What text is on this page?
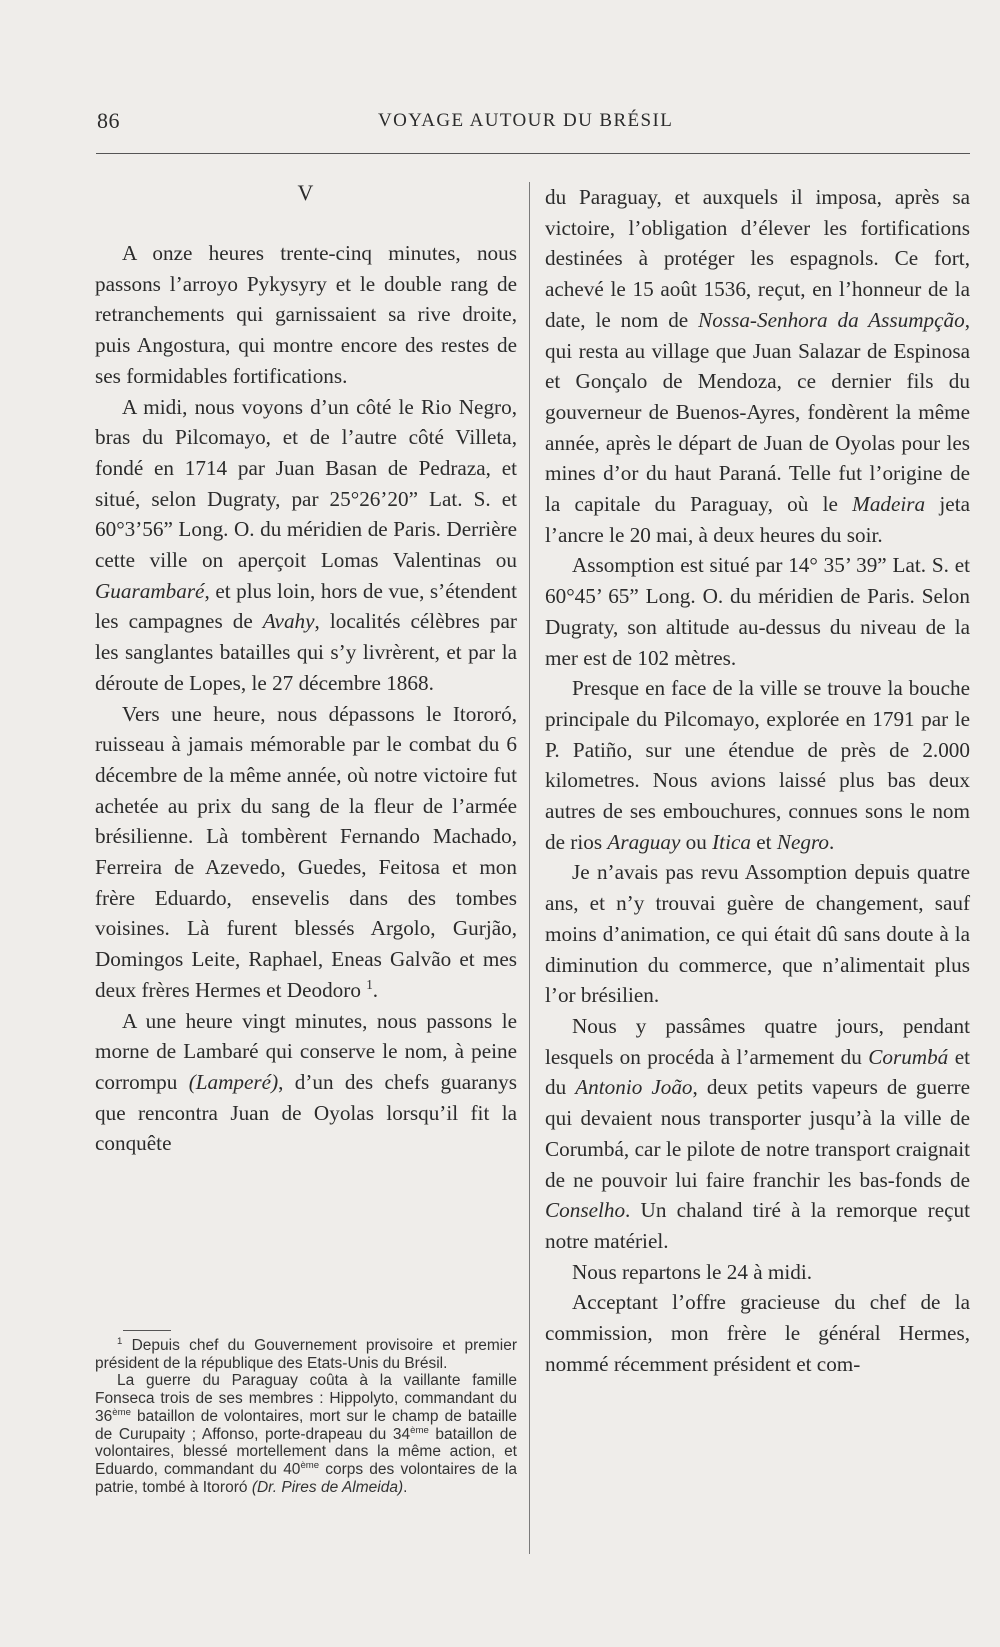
86	VOYAGE AUTOUR DU BRÉSIL
V

A onze heures trente-cinq minutes, nous passons l’arroyo Pykysyry et le double rang de retranchements qui garnissaient sa rive droite, puis Angostura, qui montre encore des restes de ses formidables fortifications.

A midi, nous voyons d’un côté le Rio Negro, bras du Pilcomayo, et de l’autre côté Villeta, fondé en 1714 par Juan Basan de Pedraza, et situé, selon Dugraty, par 25°26’20” Lat. S. et 60°3’56” Long. O. du méridien de Paris. Derrière cette ville on aperçoit Lomas Valentinas ou Guarambaré, et plus loin, hors de vue, s’étendent les campagnes de Avahy, localités célèbres par les sanglantes batailles qui s’y livrèrent, et par la déroute de Lopes, le 27 décembre 1868.

Vers une heure, nous dépassons le Itororó, ruisseau à jamais mémorable par le combat du 6 décembre de la même année, où notre victoire fut achetée au prix du sang de la fleur de l’armée brésilienne. Là tombèrent Fernando Machado, Ferreira de Azevedo, Guedes, Feitosa et mon frère Eduardo, ensevelis dans des tombes voisines. Là furent blessés Argolo, Gurjão, Domingos Leite, Raphael, Eneas Galvão et mes deux frères Hermes et Deodoro $^1$.

A une heure vingt minutes, nous passons le morne de Lambaré qui conserve le nom, à peine corrompu (Lamperé), d’un des chefs guaranys que rencontra Juan de Oyolas lorsqu’il fit la conquête

$^1$ Depuis chef du Gouvernement provisoire et premier président de la république des Etats-Unis du Brésil.

La guerre du Paraguay coûta à la vaillante famille Fonseca trois de ses membres : Hippolyto, commandant du 36ème bataillon de volontaires, mort sur le champ de bataille de Curupaity ; Affonso, porte-drapeau du 34ème bataillon de volontaires, blessé mortellement dans la même action, et Eduardo, commandant du 40ème corps des volontaires de la patrie, tombé à Itororó (Dr. Pires de Almeida).

du Paraguay, et auxquels il imposa, après sa victoire, l’obligation d’élever les fortifications destinées à protéger les espagnols. Ce fort, achevé le 15 août 1536, reçut, en l’honneur de la date, le nom de Nossa-Senhora da Assumpção, qui resta au village que Juan Salazar de Espinosa et Gonçalo de Mendoza, ce dernier fils du gouverneur de Buenos-Ayres, fondèrent la même année, après le départ de Juan de Oyolas pour les mines d’or du haut Paraná. Telle fut l’origine de la capitale du Paraguay, où le Madeira jeta l’ancre le 20 mai, à deux heures du soir.

Assomption est situé par 14° 35’ 39” Lat. S. et 60°45’ 65” Long. O. du méridien de Paris. Selon Dugraty, son altitude au-dessus du niveau de la mer est de 102 mètres.

Presque en face de la ville se trouve la bouche principale du Pilcomayo, explorée en 1791 par le P. Patiño, sur une étendue de près de 2.000 kilometres. Nous avions laissé plus bas deux autres de ses embouchures, connues sons le nom de rios Araguay ou Itica et Negro.

Je n’avais pas revu Assomption depuis quatre ans, et n’y trouvai guère de changement, sauf moins d’animation, ce qui était dû sans doute à la diminution du commerce, que n’alimentait plus l’or brésilien.

Nous y passâmes quatre jours, pendant lesquels on procéda à l’armement du Corumbá et du Antonio João, deux petits vapeurs de guerre qui devaient nous transporter jusqu’à la ville de Corumbá, car le pilote de notre transport craignait de ne pouvoir lui faire franchir les bas-fonds de Conselho. Un chaland tiré à la remorque reçut notre matériel.

Nous repartons le 24 à midi.

Acceptant l’offre gracieuse du chef de la commission, mon frère le général Hermes, nommé récemment président et com-
